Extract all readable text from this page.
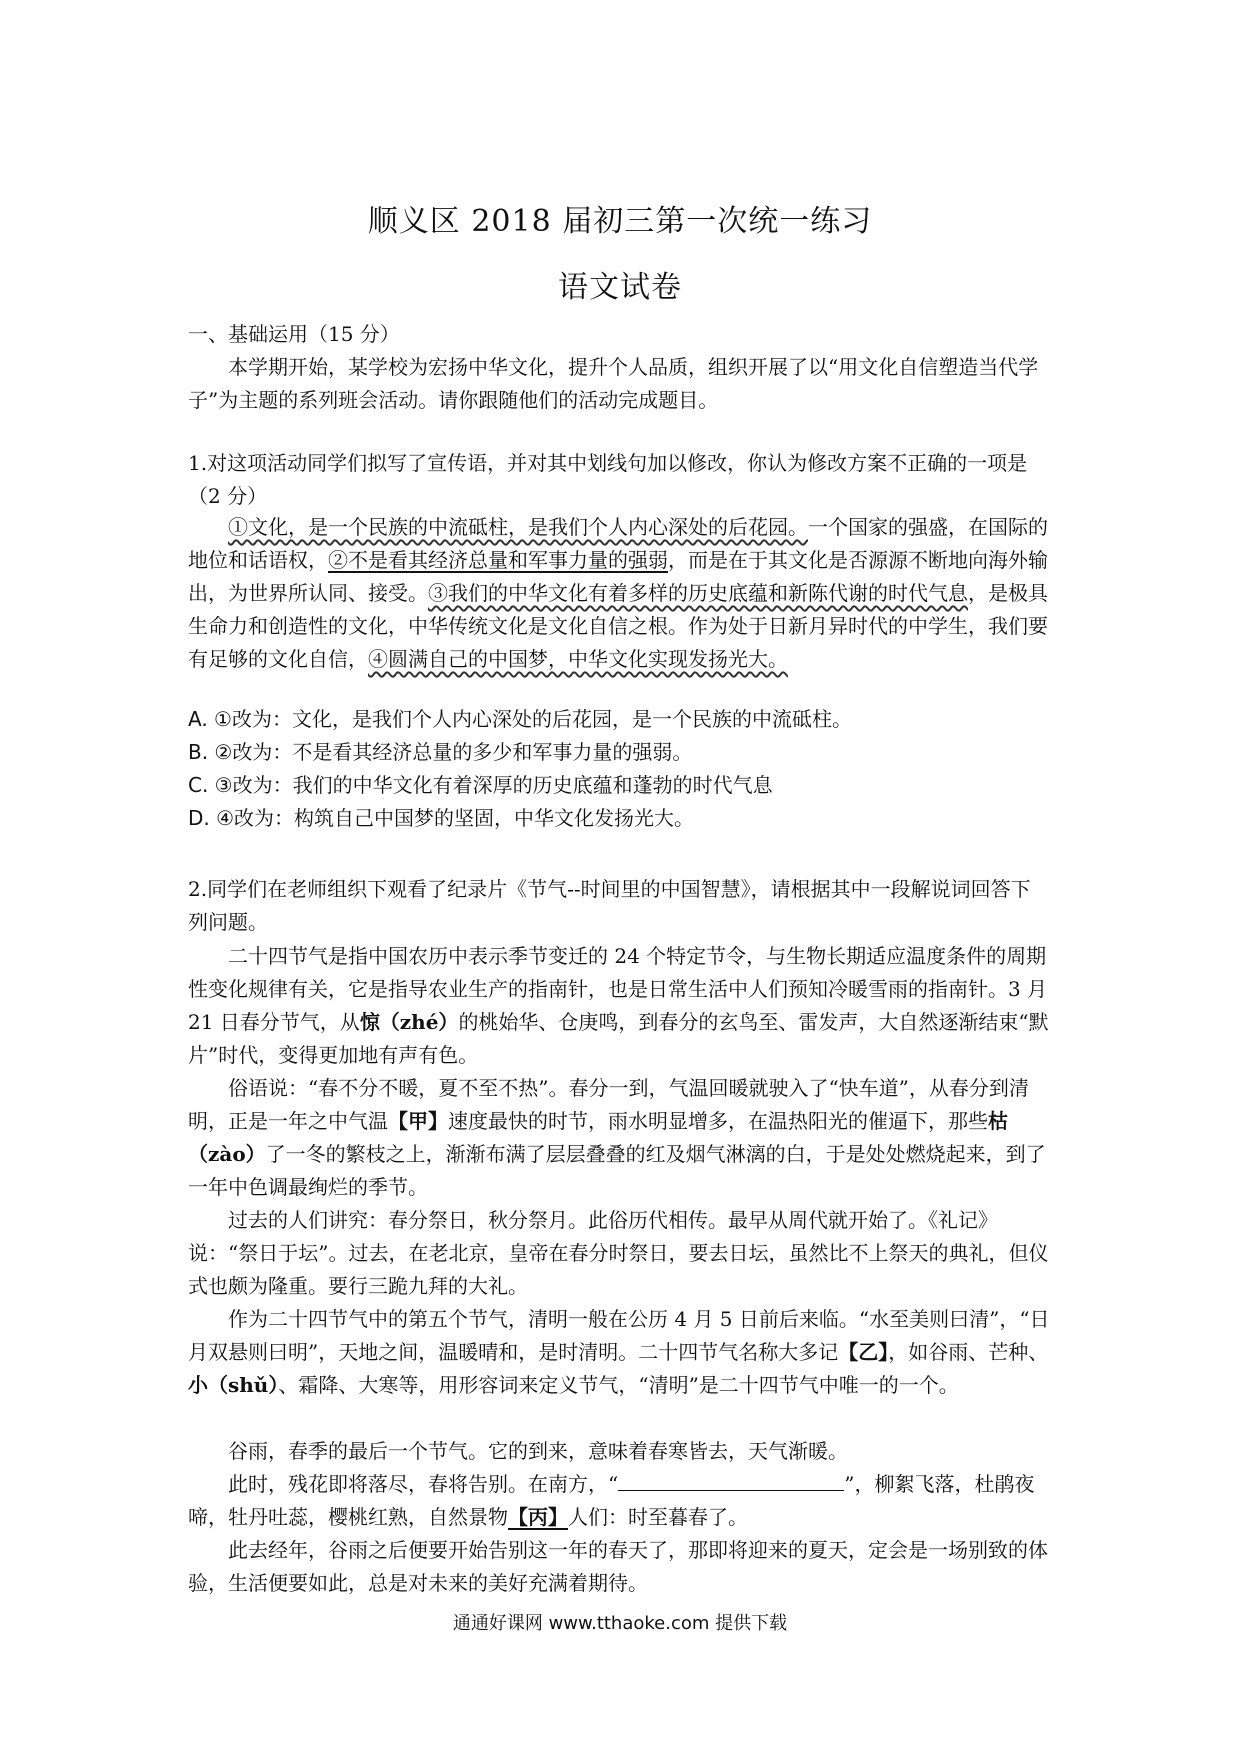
顺义区 2018 届初三第一次统一练习
语文试卷

一、基础运用（15 分）

本学期开始，某学校为宏扬中华文化，提升个人品质，组织开展了以“用文化自信塑造当代学子”为主题的系列班会活动。请你跟随他们的活动完成题目。

1.对这项活动同学们拟写了宣传语，并对其中划线句加以修改，你认为修改方案不正确的一项是（2 分）

①文化，是一个民族的中流砥柱，是我们个人内心深处的后花园。一个国家的强盛，在国际的地位和话语权，②不是看其经济总量和军事力量的强弱，而是在于其文化是否源源不断地向海外输出，为世界所认同、接受。③我们的中华文化有着多样的历史底蕴和新陈代谢的时代气息，是极具生命力和创造性的文化，中华传统文化是文化自信之根。作为处于日新月异时代的中学生，我们要有足够的文化自信，④圆满自己的中国梦，中华文化实现发扬光大。

A. ①改为：文化，是我们个人内心深处的后花园，是一个民族的中流砥柱。

B. ②改为：不是看其经济总量的多少和军事力量的强弱。

C. ③改为：我们的中华文化有着深厚的历史底蕴和蓬勃的时代气息

D. ④改为：构筑自己中国梦的坚固，中华文化发扬光大。

2.同学们在老师组织下观看了纪录片《节气--时间里的中国智慧》，请根据其中一段解说词回答下列问题。

二十四节气是指中国农历中表示季节变迁的 24 个特定节令，与生物长期适应温度条件的周期性变化规律有关，它是指导农业生产的指南针，也是日常生活中人们预知冷暖雪雨的指南针。3 月 21 日春分节气，从惊（zhé）的桃始华、仓庚鸣，到春分的玄鸟至、雷发声，大自然逐渐结束“默片”时代，变得更加地有声有色。

俗语说：“春不分不暖，夏不至不热”。春分一到，气温回暖就驶入了“快车道”，从春分到清明，正是一年之中气温【甲】速度最快的时节，雨水明显增多，在温热阳光的催逼下，那些枯（zào）了一冬的繁枝之上，渐渐布满了层层叠叠的红及烟气淋漓的白，于是处处燃烧起来，到了一年中色调最绚烂的季节。

过去的人们讲究：春分祭日，秋分祭月。此俗历代相传。最早从周代就开始了。《礼记》说：“祭日于坛”。过去，在老北京，皇帝在春分时祭日，要去日坛，虽然比不上祭天的典礼，但仪式也颇为隆重。要行三跪九拜的大礼。

作为二十四节气中的第五个节气，清明一般在公历 4 月 5 日前后来临。“水至美则曰清”，“日月双悬则曰明”，天地之间，温暖晴和，是时清明。二十四节气名称大多记【乙】，如谷雨、芒种、小（shǔ）、霜降、大寒等，用形容词来定义节气，“清明”是二十四节气中唯一的一个。

谷雨，春季的最后一个节气。它的到来，意味着春寒皆去，天气渐暖。

此时，残花即将落尽，春将告别。在南方，“	”，柳絮飞落，杜鹃夜啼，牡丹吐蕊，樱桃红熟，自然景物【丙】人们：时至暮春了。

此去经年，谷雨之后便要开始告别这一年的春天了，那即将迎来的夏天，定会是一场别致的体验，生活便要如此，总是对未来的美好充满着期待。

通通好课网 www.tthaoke.com 提供下载
